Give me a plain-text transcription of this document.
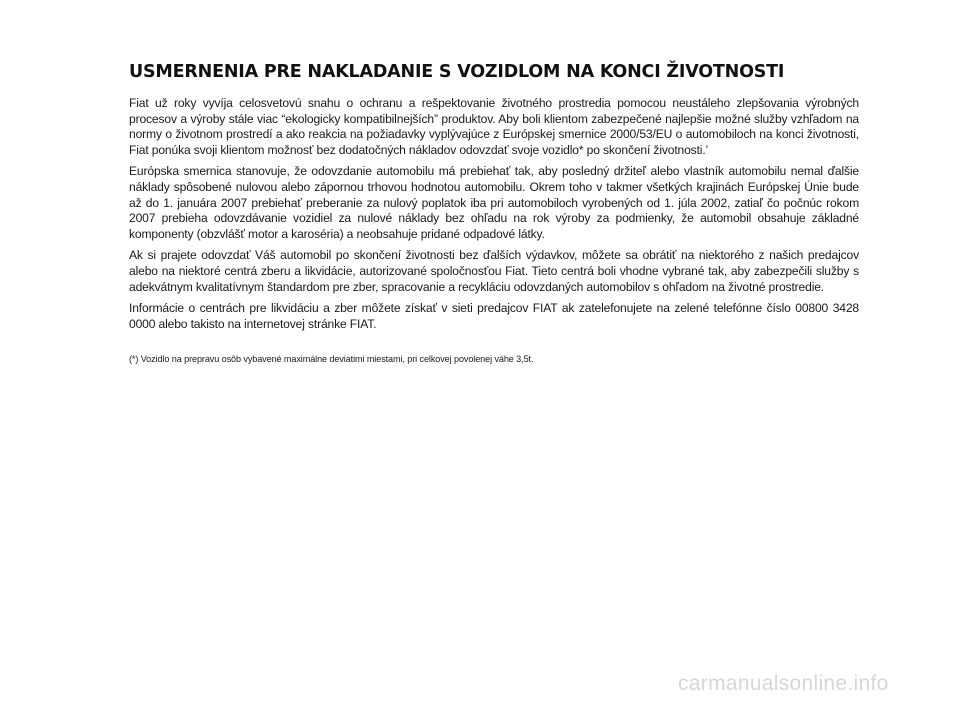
USMERNENIA PRE NAKLADANIE S VOZIDLOM NA KONCI ŽIVOTNOSTI

Fiat už roky vyvíja celosvetovú snahu o ochranu a rešpektovanie životného prostredia pomocou neustáleho zlepšovania výrobných procesov a výroby stále viac “ekologicky kompatibilnejších” produktov. Aby boli klientom zabezpečené najlepšie možné služby vzhľadom na normy o životnom prostredí a ako reakcia na požiadavky vyplývajúce z Európskej smernice 2000/53/EU o automobiloch na konci životnosti, Fiat ponúka svoji klientom možnosť bez dodatočných nákladov odovzdať svoje vozidlo* po skončení životnosti.’

Európska smernica stanovuje, že odovzdanie automobilu má prebiehať tak, aby posledný držiteľ alebo vlastník automobilu nemal ďalšie náklady spôsobené nulovou alebo zápornou trhovou hodnotou automobilu. Okrem toho v takmer všetkých krajinách Európskej Únie bude až do 1. januára 2007 prebiehať preberanie za nulový poplatok iba pri automobiloch vyrobených od 1. júla 2002, zatiaľ čo počnúc rokom 2007 prebieha odovzdávanie vozidiel za nulové náklady bez ohľadu na rok výroby za podmienky, že automobil obsahuje základné komponenty (obzvlášť motor a karoséria) a neobsahuje pridané odpadové látky.

Ak si prajete odovzdať Váš automobil po skončení životnosti bez ďalších výdavkov, môžete sa obrátiť na niektorého z našich predajcov alebo na niektoré centrá zberu a likvidácie, autorizované spoločnosťou Fiat. Tieto centrá boli vhodne vybrané tak, aby zabezpečili služby s adekvátnym kvalitatívnym štandardom pre zber, spracovanie a recykláciu odovzdaných automobilov s ohľadom na životné prostredie.

Informácie o centrách pre likvidáciu a zber môžete získať v sieti predajcov FIAT ak zatelefonujete na zelené telefónne číslo 00800 3428 0000 alebo takisto na internetovej stránke FIAT.

(*) Vozidlo na prepravu osôb vybavené maximálne deviatimi miestami, pri celkovej povolenej váhe 3,5t.
carmanualsonline.info
